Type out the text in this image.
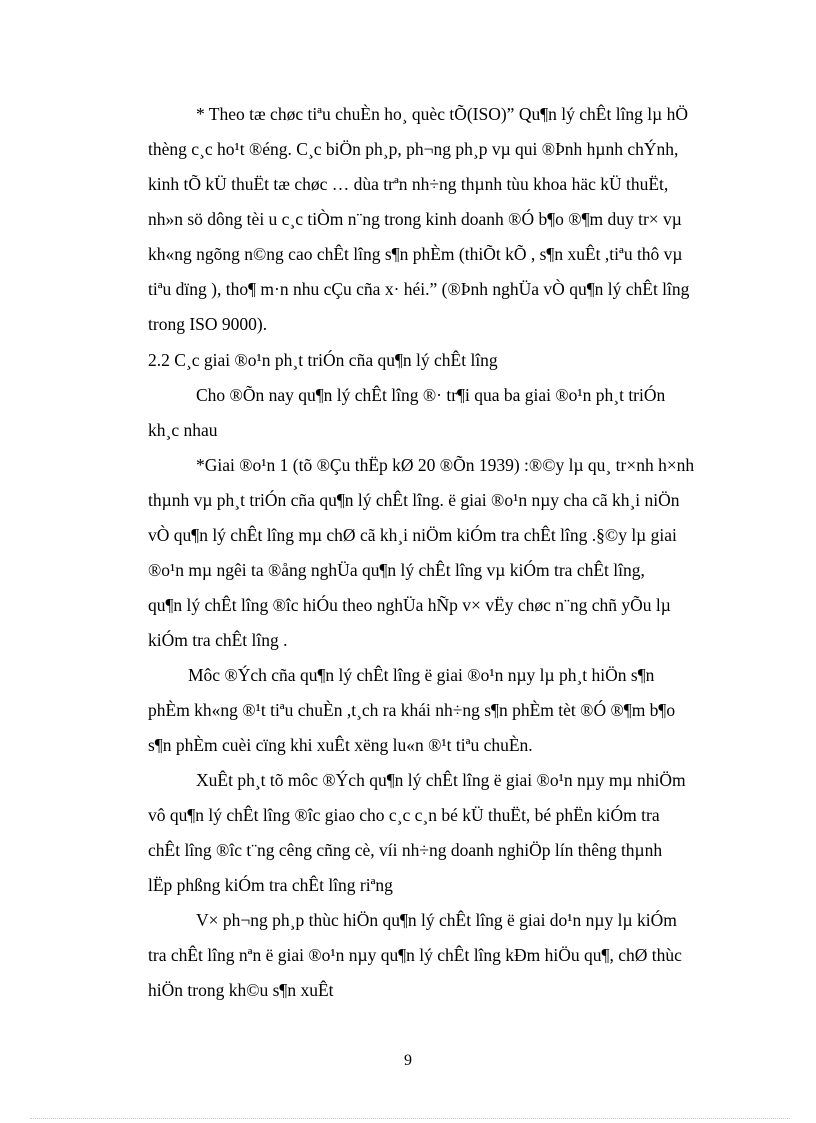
* Theo tæ chøc tiªu chuÈn ho¸ quèc tÕ(ISO)” Qu¶n lý chÊt lîng lµ hÖ
thèng c¸c ho¹t ®éng. C¸c biÖn ph¸p, ph¬ng ph¸p vµ qui ®Þnh hµnh chÝnh,
kinh tÕ kÜ thuËt tæ chøc … dùa trªn nh÷ng thµnh tùu khoa häc kÜ thuËt,
nh»n sö dông tèi u c¸c tiÒm n¨ng trong kinh doanh ®Ó b¶o ®¶m duy tr× vµ
kh«ng ngõng n©ng cao chÊt lîng s¶n phÈm (thiÕt kÕ , s¶n xuÊt ,tiªu thô vµ
tiªu dïng ), tho¶ m·n nhu cÇu cña x· héi.” (®Þnh nghÜa vÒ qu¶n lý chÊt lîng
trong ISO 9000).
2.2 C¸c giai ®o¹n ph¸t triÓn cña qu¶n lý chÊt lîng
Cho ®Õn nay qu¶n lý chÊt lîng ®· tr¶i qua ba giai ®o¹n ph¸t triÓn
kh¸c nhau
*Giai ®o¹n 1 (tõ ®Çu thËp kØ 20 ®Õn 1939) :®©y lµ qu¸ tr×nh h×nh
thµnh vµ ph¸t triÓn cña qu¶n lý chÊt lîng. ë giai ®o¹n nµy cha cã kh¸i niÖn
vÒ qu¶n lý chÊt lîng mµ chØ cã kh¸i niÖm kiÓm tra chÊt lîng .§©y lµ giai
®o¹n mµ ngêi ta ®ång nghÜa qu¶n lý chÊt lîng vµ kiÓm tra chÊt lîng,
qu¶n lý chÊt lîng ®îc hiÓu theo nghÜa hÑp v× vËy chøc n¨ng chñ yÕu lµ
kiÓm tra chÊt lîng .
Môc ®Ých cña qu¶n lý chÊt lîng ë giai ®o¹n nµy lµ ph¸t hiÖn s¶n
phÈm kh«ng ®¹t tiªu chuÈn ,t¸ch ra khái nh÷ng s¶n phÈm tèt ®Ó ®¶m b¶o
s¶n phÈm cuèi cïng khi xuÊt xëng lu«n ®¹t tiªu chuÈn.
XuÊt ph¸t tõ môc ®Ých qu¶n lý chÊt lîng ë giai ®o¹n nµy mµ nhiÖm
vô qu¶n lý chÊt lîng ®îc giao cho c¸c c¸n bé kÜ thuËt, bé phËn kiÓm tra
chÊt lîng ®îc t¨ng cêng cñng cè, víi nh÷ng doanh nghiÖp lín thêng thµnh
lËp phßng kiÓm tra chÊt lîng riªng
V× ph¬ng ph¸p thùc hiÖn qu¶n lý chÊt lîng ë giai do¹n nµy lµ kiÓm
tra chÊt lîng nªn ë giai ®o¹n nµy qu¶n lý chÊt lîng kÐm hiÖu qu¶, chØ thùc
hiÖn trong kh©u s¶n xuÊt
9
